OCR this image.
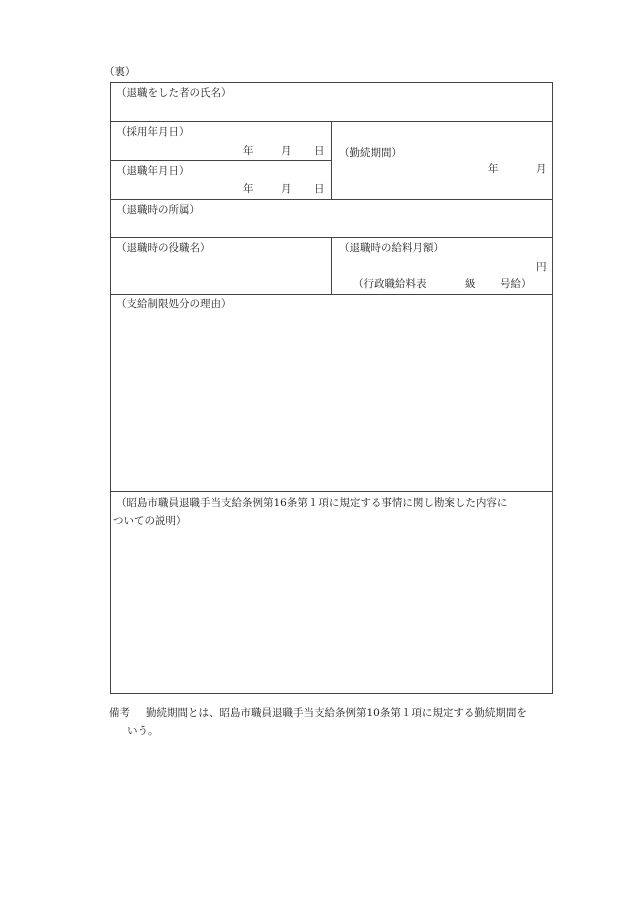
（裏）
（退職をした者の氏名）
（採用年月日）
年	月 日
（退職年月日）
年	月 日
（勤続期間）
年	月
（退職時の所属）
（退職時の役職名）	（退職時の給料月額）
円
（行政職給料表	級 号給）
（支給制限処分の理由）
（昭島市職員退職手当支給条例第16条第１項に規定する事情に関し勘案した内容に
ついての説明）
備考 勤続期間とは、昭島市職員退職手当支給条例第10条第１項に規定する勤続期間を
いう。
